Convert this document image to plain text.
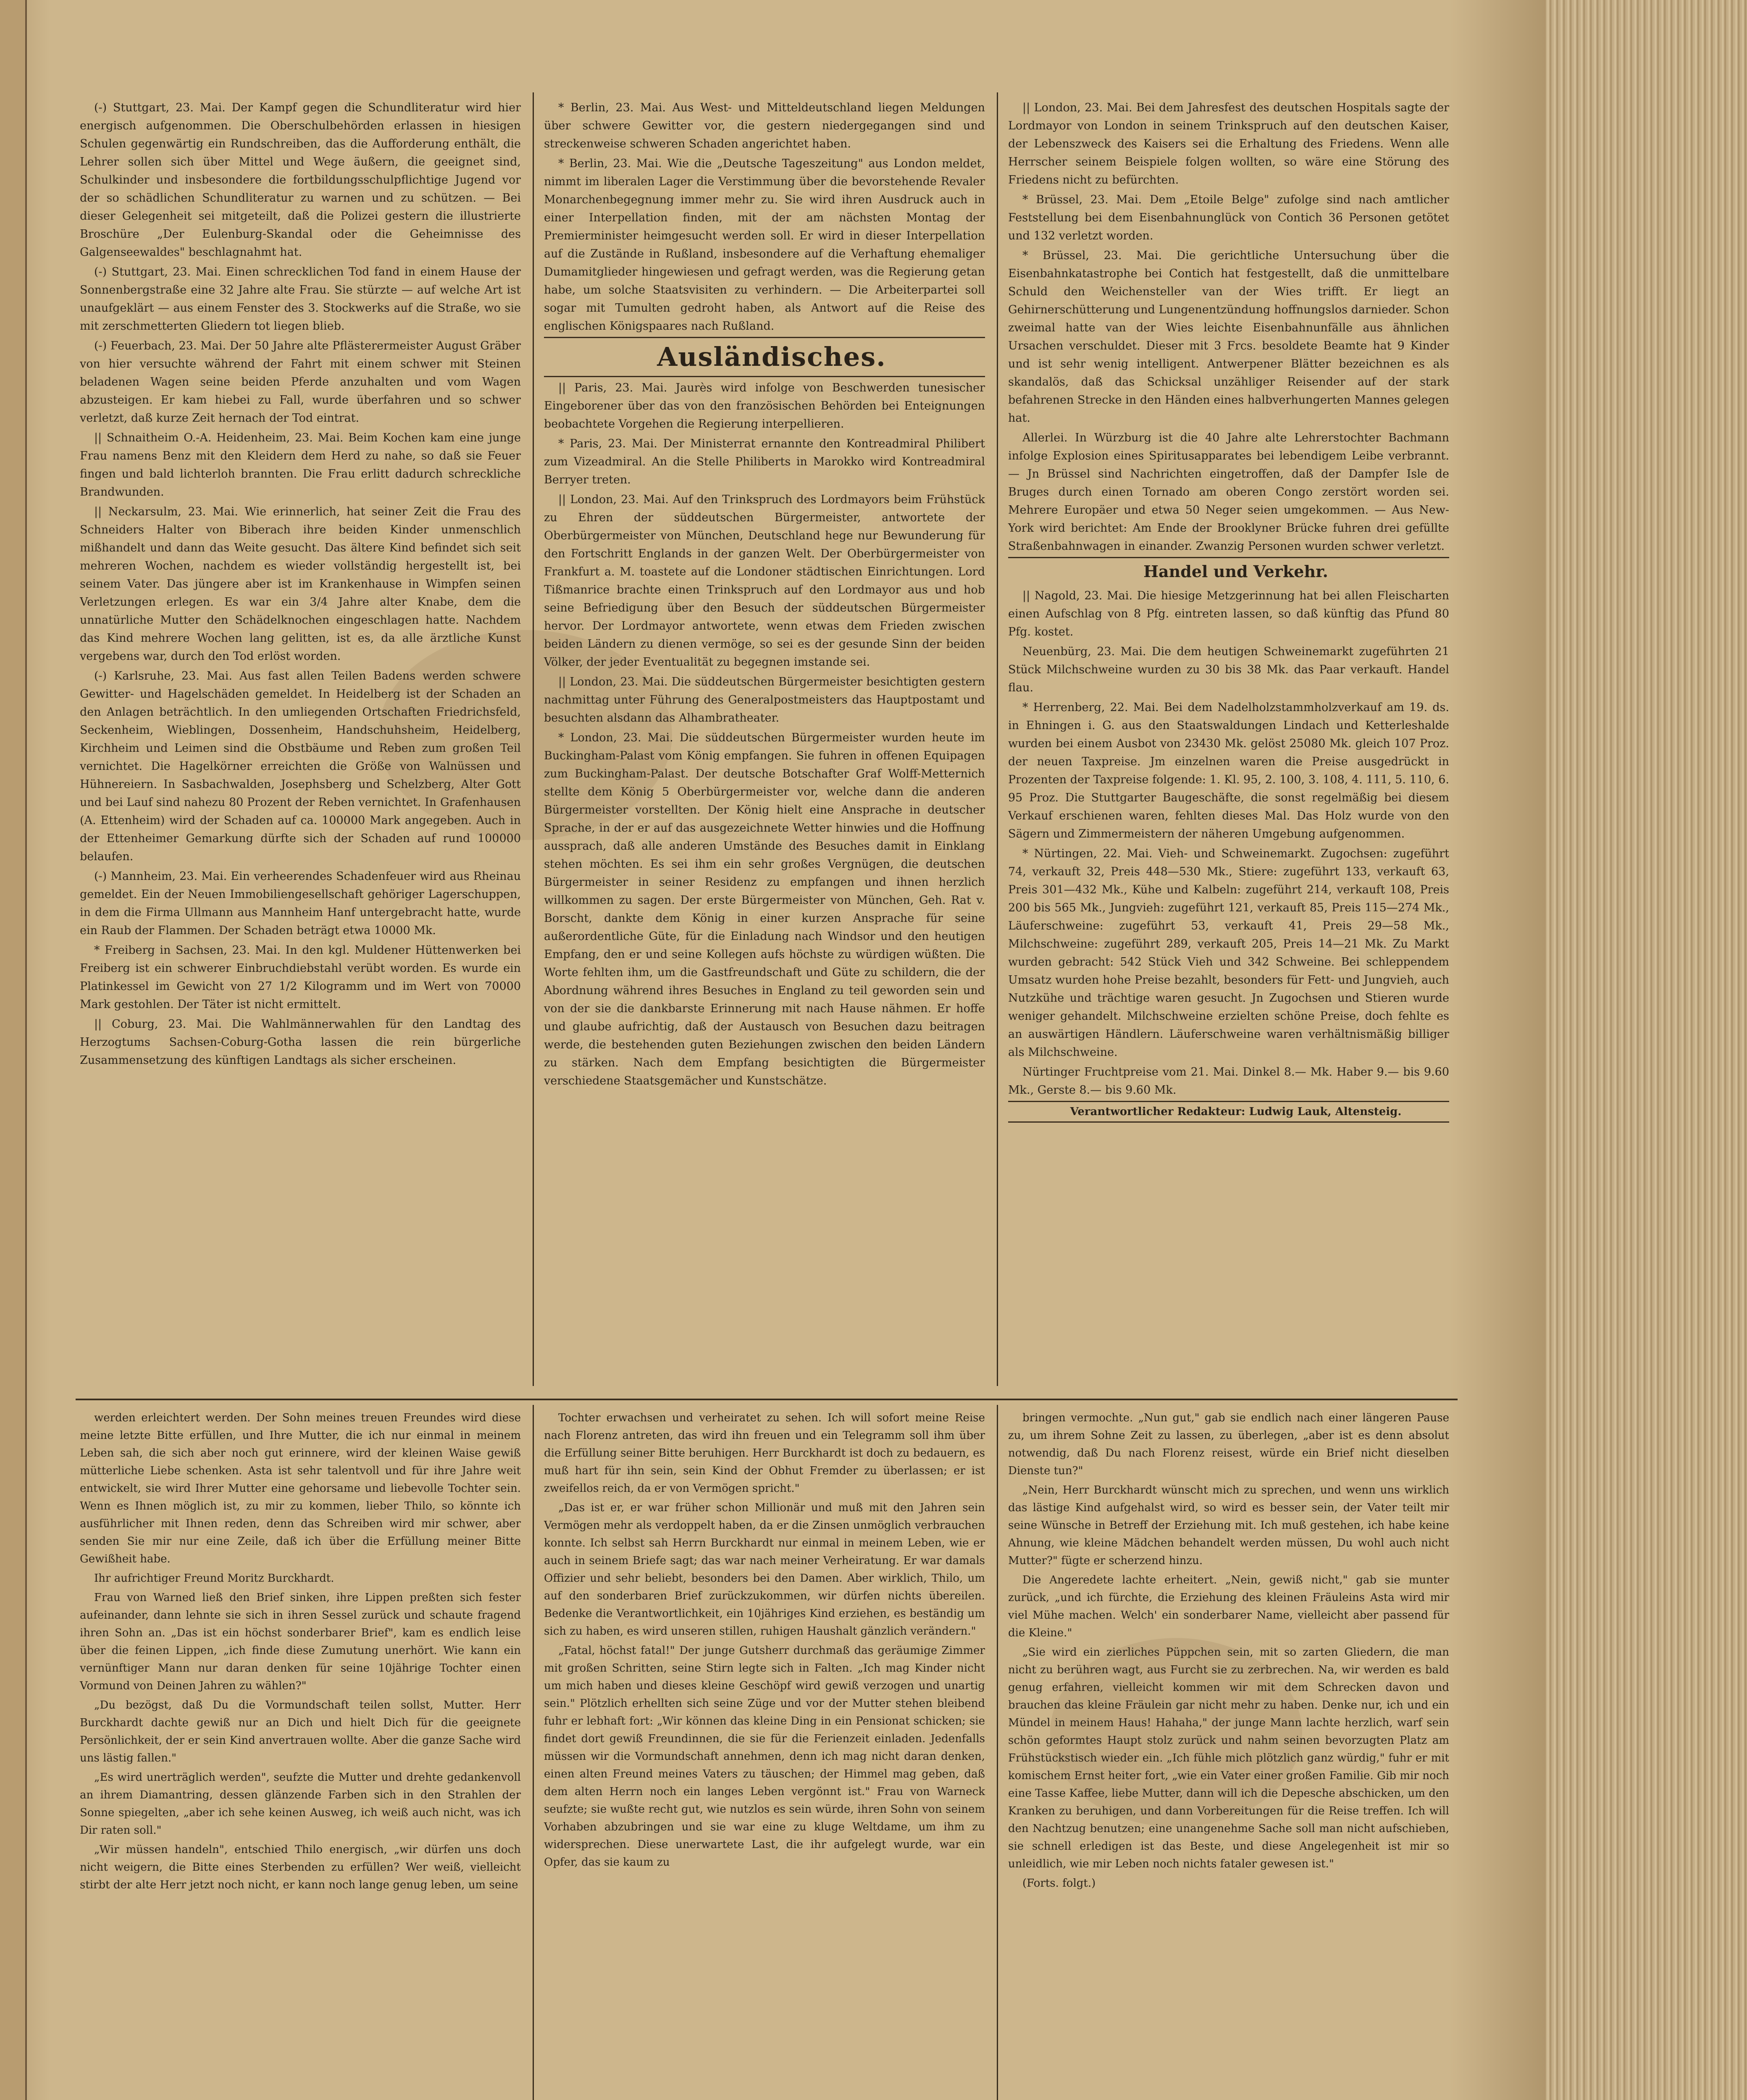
(-) Stuttgart, 23. Mai. Der Kampf gegen die Schundliteratur wird hier energisch aufgenommen. Die Oberschulbehörden erlassen in hiesigen Schulen gegenwärtig ein Rundschreiben, das die Aufforderung enthält, die Lehrer sollen sich über Mittel und Wege äußern, die geeignet sind, Schulkinder und insbesondere die fortbildungsschulpflichtige Jugend vor der so schädlichen Schundliteratur zu warnen und zu schützen. — Bei dieser Gelegenheit sei mitgeteilt, daß die Polizei gestern die illustrierte Broschüre „Der Eulenburg-Skandal oder die Geheimnisse des Galgenseewaldes" beschlagnahmt hat.

(-) Stuttgart, 23. Mai. Einen schrecklichen Tod fand in einem Hause der Sonnenbergstraße eine 32 Jahre alte Frau. Sie stürzte — auf welche Art ist unaufgeklärt — aus einem Fenster des 3. Stockwerks auf die Straße, wo sie mit zerschmetterten Gliedern tot liegen blieb.

(-) Feuerbach, 23. Mai. Der 50 Jahre alte Pflästerermeister August Gräber von hier versuchte während der Fahrt mit einem schwer mit Steinen beladenen Wagen seine beiden Pferde anzuhalten und vom Wagen abzusteigen. Er kam hiebei zu Fall, wurde überfahren und so schwer verletzt, daß kurze Zeit hernach der Tod eintrat.

|| Schnaitheim O.-A. Heidenheim, 23. Mai. Beim Kochen kam eine junge Frau namens Benz mit den Kleidern dem Herd zu nahe, so daß sie Feuer fingen und bald lichterloh brannten. Die Frau erlitt dadurch schreckliche Brandwunden.

|| Neckarsulm, 23. Mai. Wie erinnerlich, hat seiner Zeit die Frau des Schneiders Halter von Biberach ihre beiden Kinder unmenschlich mißhandelt und dann das Weite gesucht. Das ältere Kind befindet sich seit mehreren Wochen, nachdem es wieder vollständig hergestellt ist, bei seinem Vater. Das jüngere aber ist im Krankenhause in Wimpfen seinen Verletzungen erlegen. Es war ein 3/4 Jahre alter Knabe, dem die unnatürliche Mutter den Schädelknochen eingeschlagen hatte. Nachdem das Kind mehrere Wochen lang gelitten, ist es, da alle ärztliche Kunst vergebens war, durch den Tod erlöst worden.

(-) Karlsruhe, 23. Mai. Aus fast allen Teilen Badens werden schwere Gewitter- und Hagelschäden gemeldet. In Heidelberg ist der Schaden an den Anlagen beträchtlich. In den umliegenden Ortschaften Friedrichsfeld, Seckenheim, Wieblingen, Dossenheim, Handschuhsheim, Heidelberg, Kirchheim und Leimen sind die Obstbäume und Reben zum großen Teil vernichtet. Die Hagelkörner erreichten die Größe von Walnüssen und Hühnereiern. In Sasbachwalden, Josephsberg und Schelzberg, Alter Gott und bei Lauf sind nahezu 80 Prozent der Reben vernichtet. In Grafenhausen (A. Ettenheim) wird der Schaden auf ca. 100000 Mark angegeben. Auch in der Ettenheimer Gemarkung dürfte sich der Schaden auf rund 100000 belaufen.

(-) Mannheim, 23. Mai. Ein verheerendes Schadenfeuer wird aus Rheinau gemeldet. Ein der Neuen Immobiliengesellschaft gehöriger Lagerschuppen, in dem die Firma Ullmann aus Mannheim Hanf untergebracht hatte, wurde ein Raub der Flammen. Der Schaden beträgt etwa 10000 Mk.

* Freiberg in Sachsen, 23. Mai. In den kgl. Muldener Hüttenwerken bei Freiberg ist ein schwerer Einbruchdiebstahl verübt worden. Es wurde ein Platinkessel im Gewicht von 27 1/2 Kilogramm und im Wert von 70000 Mark gestohlen. Der Täter ist nicht ermittelt.

|| Coburg, 23. Mai. Die Wahlmännerwahlen für den Landtag des Herzogtums Sachsen-Coburg-Gotha lassen die rein bürgerliche Zusammensetzung des künftigen Landtags als sicher erscheinen.

* Berlin, 23. Mai. Aus West- und Mitteldeutschland liegen Meldungen über schwere Gewitter vor, die gestern niedergegangen sind und streckenweise schweren Schaden angerichtet haben.

* Berlin, 23. Mai. Wie die „Deutsche Tageszeitung" aus London meldet, nimmt im liberalen Lager die Verstimmung über die bevorstehende Revaler Monarchenbegegnung immer mehr zu. Sie wird ihren Ausdruck auch in einer Interpellation finden, mit der am nächsten Montag der Premierminister heimgesucht werden soll. Er wird in dieser Interpellation auf die Zustände in Rußland, insbesondere auf die Verhaftung ehemaliger Dumamitglieder hingewiesen und gefragt werden, was die Regierung getan habe, um solche Staatsvisiten zu verhindern. — Die Arbeiterpartei soll sogar mit Tumulten gedroht haben, als Antwort auf die Reise des englischen Königspaares nach Rußland.

Ausländisches.

|| Paris, 23. Mai. Jaurès wird infolge von Beschwerden tunesischer Eingeborener über das von den französischen Behörden bei Enteignungen beobachtete Vorgehen die Regierung interpellieren.

* Paris, 23. Mai. Der Ministerrat ernannte den Kontreadmiral Philibert zum Vizeadmiral. An die Stelle Philiberts in Marokko wird Kontreadmiral Berryer treten.

|| London, 23. Mai. Auf den Trinkspruch des Lordmayors beim Frühstück zu Ehren der süddeutschen Bürgermeister, antwortete der Oberbürgermeister von München, Deutschland hege nur Bewunderung für den Fortschritt Englands in der ganzen Welt. Der Oberbürgermeister von Frankfurt a. M. toastete auf die Londoner städtischen Einrichtungen. Lord Tißmanrice brachte einen Trinkspruch auf den Lordmayor aus und hob seine Befriedigung über den Besuch der süddeutschen Bürgermeister hervor. Der Lordmayor antwortete, wenn etwas dem Frieden zwischen beiden Ländern zu dienen vermöge, so sei es der gesunde Sinn der beiden Völker, der jeder Eventualität zu begegnen imstande sei.

|| London, 23. Mai. Die süddeutschen Bürgermeister besichtigten gestern nachmittag unter Führung des Generalpostmeisters das Hauptpostamt und besuchten alsdann das Alhambratheater.

* London, 23. Mai. Die süddeutschen Bürgermeister wurden heute im Buckingham-Palast vom König empfangen. Sie fuhren in offenen Equipagen zum Buckingham-Palast. Der deutsche Botschafter Graf Wolff-Metternich stellte dem König 5 Oberbürgermeister vor, welche dann die anderen Bürgermeister vorstellten. Der König hielt eine Ansprache in deutscher Sprache, in der er auf das ausgezeichnete Wetter hinwies und die Hoffnung aussprach, daß alle anderen Umstände des Besuches damit in Einklang stehen möchten. Es sei ihm ein sehr großes Vergnügen, die deutschen Bürgermeister in seiner Residenz zu empfangen und ihnen herzlich willkommen zu sagen. Der erste Bürgermeister von München, Geh. Rat v. Borscht, dankte dem König in einer kurzen Ansprache für seine außerordentliche Güte, für die Einladung nach Windsor und den heutigen Empfang, den er und seine Kollegen aufs höchste zu würdigen wüßten. Die Worte fehlten ihm, um die Gastfreundschaft und Güte zu schildern, die der Abordnung während ihres Besuches in England zu teil geworden sein und von der sie die dankbarste Erinnerung mit nach Hause nähmen. Er hoffe und glaube aufrichtig, daß der Austausch von Besuchen dazu beitragen werde, die bestehenden guten Beziehungen zwischen den beiden Ländern zu stärken. Nach dem Empfang besichtigten die Bürgermeister verschiedene Staatsgemächer und Kunstschätze.

|| London, 23. Mai. Bei dem Jahresfest des deutschen Hospitals sagte der Lordmayor von London in seinem Trinkspruch auf den deutschen Kaiser, der Lebenszweck des Kaisers sei die Erhaltung des Friedens. Wenn alle Herrscher seinem Beispiele folgen wollten, so wäre eine Störung des Friedens nicht zu befürchten.

* Brüssel, 23. Mai. Dem „Etoile Belge" zufolge sind nach amtlicher Feststellung bei dem Eisenbahnunglück von Contich 36 Personen getötet und 132 verletzt worden.

* Brüssel, 23. Mai. Die gerichtliche Untersuchung über die Eisenbahnkatastrophe bei Contich hat festgestellt, daß die unmittelbare Schuld den Weichensteller van der Wies trifft. Er liegt an Gehirnerschütterung und Lungenentzündung hoffnungslos darnieder. Schon zweimal hatte van der Wies leichte Eisenbahnunfälle aus ähnlichen Ursachen verschuldet. Dieser mit 3 Frcs. besoldete Beamte hat 9 Kinder und ist sehr wenig intelligent. Antwerpener Blätter bezeichnen es als skandalös, daß das Schicksal unzähliger Reisender auf der stark befahrenen Strecke in den Händen eines halbverhungerten Mannes gelegen hat.

Allerlei. In Würzburg ist die 40 Jahre alte Lehrerstochter Bachmann infolge Explosion eines Spiritusapparates bei lebendigem Leibe verbrannt. — Jn Brüssel sind Nachrichten eingetroffen, daß der Dampfer Isle de Bruges durch einen Tornado am oberen Congo zerstört worden sei. Mehrere Europäer und etwa 50 Neger seien umgekommen. — Aus New-York wird berichtet: Am Ende der Brooklyner Brücke fuhren drei gefüllte Straßenbahnwagen in einander. Zwanzig Personen wurden schwer verletzt.

Handel und Verkehr.

|| Nagold, 23. Mai. Die hiesige Metzgerinnung hat bei allen Fleischarten einen Aufschlag von 8 Pfg. eintreten lassen, so daß künftig das Pfund 80 Pfg. kostet.

Neuenbürg, 23. Mai. Die dem heutigen Schweinemarkt zugeführten 21 Stück Milchschweine wurden zu 30 bis 38 Mk. das Paar verkauft. Handel flau.

* Herrenberg, 22. Mai. Bei dem Nadelholzstammholzverkauf am 19. ds. in Ehningen i. G. aus den Staatswaldungen Lindach und Ketterleshalde wurden bei einem Ausbot von 23430 Mk. gelöst 25080 Mk. gleich 107 Proz. der neuen Taxpreise. Jm einzelnen waren die Preise ausgedrückt in Prozenten der Taxpreise folgende: 1. Kl. 95, 2. 100, 3. 108, 4. 111, 5. 110, 6. 95 Proz. Die Stuttgarter Baugeschäfte, die sonst regelmäßig bei diesem Verkauf erschienen waren, fehlten dieses Mal. Das Holz wurde von den Sägern und Zimmermeistern der näheren Umgebung aufgenommen.

* Nürtingen, 22. Mai. Vieh- und Schweinemarkt. Zugochsen: zugeführt 74, verkauft 32, Preis 448—530 Mk., Stiere: zugeführt 133, verkauft 63, Preis 301—432 Mk., Kühe und Kalbeln: zugeführt 214, verkauft 108, Preis 200 bis 565 Mk., Jungvieh: zugeführt 121, verkauft 85, Preis 115—274 Mk., Läuferschweine: zugeführt 53, verkauft 41, Preis 29—58 Mk., Milchschweine: zugeführt 289, verkauft 205, Preis 14—21 Mk. Zu Markt wurden gebracht: 542 Stück Vieh und 342 Schweine. Bei schleppendem Umsatz wurden hohe Preise bezahlt, besonders für Fett- und Jungvieh, auch Nutzkühe und trächtige waren gesucht. Jn Zugochsen und Stieren wurde weniger gehandelt. Milchschweine erzielten schöne Preise, doch fehlte es an auswärtigen Händlern. Läuferschweine waren verhältnismäßig billiger als Milchschweine.

Nürtinger Fruchtpreise vom 21. Mai. Dinkel 8.— Mk. Haber 9.— bis 9.60 Mk., Gerste 8.— bis 9.60 Mk.

Verantwortlicher Redakteur: Ludwig Lauk, Altensteig.

werden erleichtert werden. Der Sohn meines treuen Freundes wird diese meine letzte Bitte erfüllen, und Ihre Mutter, die ich nur einmal in meinem Leben sah, die sich aber noch gut erinnere, wird der kleinen Waise gewiß mütterliche Liebe schenken. Asta ist sehr talentvoll und für ihre Jahre weit entwickelt, sie wird Ihrer Mutter eine gehorsame und liebevolle Tochter sein. Wenn es Ihnen möglich ist, zu mir zu kommen, lieber Thilo, so könnte ich ausführlicher mit Ihnen reden, denn das Schreiben wird mir schwer, aber senden Sie mir nur eine Zeile, daß ich über die Erfüllung meiner Bitte Gewißheit habe.

Ihr aufrichtiger Freund Moritz Burckhardt.

Frau von Warned ließ den Brief sinken, ihre Lippen preßten sich fester aufeinander, dann lehnte sie sich in ihren Sessel zurück und schaute fragend ihren Sohn an. „Das ist ein höchst sonderbarer Brief", kam es endlich leise über die feinen Lippen, „ich finde diese Zumutung unerhört. Wie kann ein vernünftiger Mann nur daran denken für seine 10jährige Tochter einen Vormund von Deinen Jahren zu wählen?"

„Du bezögst, daß Du die Vormundschaft teilen sollst, Mutter. Herr Burckhardt dachte gewiß nur an Dich und hielt Dich für die geeignete Persönlichkeit, der er sein Kind anvertrauen wollte. Aber die ganze Sache wird uns lästig fallen."

„Es wird unerträglich werden", seufzte die Mutter und drehte gedankenvoll an ihrem Diamantring, dessen glänzende Farben sich in den Strahlen der Sonne spiegelten, „aber ich sehe keinen Ausweg, ich weiß auch nicht, was ich Dir raten soll."

„Wir müssen handeln", entschied Thilo energisch, „wir dürfen uns doch nicht weigern, die Bitte eines Sterbenden zu erfüllen? Wer weiß, vielleicht stirbt der alte Herr jetzt noch nicht, er kann noch lange genug leben, um seine

Tochter erwachsen und verheiratet zu sehen. Ich will sofort meine Reise nach Florenz antreten, das wird ihn freuen und ein Telegramm soll ihm über die Erfüllung seiner Bitte beruhigen. Herr Burckhardt ist doch zu bedauern, es muß hart für ihn sein, sein Kind der Obhut Fremder zu überlassen; er ist zweifellos reich, da er von Vermögen spricht."

„Das ist er, er war früher schon Millionär und muß mit den Jahren sein Vermögen mehr als verdoppelt haben, da er die Zinsen unmöglich verbrauchen konnte. Ich selbst sah Herrn Burckhardt nur einmal in meinem Leben, wie er auch in seinem Briefe sagt; das war nach meiner Verheiratung. Er war damals Offizier und sehr beliebt, besonders bei den Damen. Aber wirklich, Thilo, um auf den sonderbaren Brief zurückzukommen, wir dürfen nichts übereilen. Bedenke die Verantwortlichkeit, ein 10jähriges Kind erziehen, es beständig um sich zu haben, es wird unseren stillen, ruhigen Haushalt gänzlich verändern."

„Fatal, höchst fatal!" Der junge Gutsherr durchmaß das geräumige Zimmer mit großen Schritten, seine Stirn legte sich in Falten. „Ich mag Kinder nicht um mich haben und dieses kleine Geschöpf wird gewiß verzogen und unartig sein." Plötzlich erhellten sich seine Züge und vor der Mutter stehen bleibend fuhr er lebhaft fort: „Wir können das kleine Ding in ein Pensionat schicken; sie findet dort gewiß Freundinnen, die sie für die Ferienzeit einladen. Jedenfalls müssen wir die Vormundschaft annehmen, denn ich mag nicht daran denken, einen alten Freund meines Vaters zu täuschen; der Himmel mag geben, daß dem alten Herrn noch ein langes Leben vergönnt ist." Frau von Warneck seufzte; sie wußte recht gut, wie nutzlos es sein würde, ihren Sohn von seinem Vorhaben abzubringen und sie war eine zu kluge Weltdame, um ihm zu widersprechen. Diese unerwartete Last, die ihr aufgelegt wurde, war ein Opfer, das sie kaum zu

bringen vermochte. „Nun gut," gab sie endlich nach einer längeren Pause zu, um ihrem Sohne Zeit zu lassen, zu überlegen, „aber ist es denn absolut notwendig, daß Du nach Florenz reisest, würde ein Brief nicht dieselben Dienste tun?"

„Nein, Herr Burckhardt wünscht mich zu sprechen, und wenn uns wirklich das lästige Kind aufgehalst wird, so wird es besser sein, der Vater teilt mir seine Wünsche in Betreff der Erziehung mit. Ich muß gestehen, ich habe keine Ahnung, wie kleine Mädchen behandelt werden müssen, Du wohl auch nicht Mutter?" fügte er scherzend hinzu.

Die Angeredete lachte erheitert. „Nein, gewiß nicht," gab sie munter zurück, „und ich fürchte, die Erziehung des kleinen Fräuleins Asta wird mir viel Mühe machen. Welch' ein sonderbarer Name, vielleicht aber passend für die Kleine."

„Sie wird ein zierliches Püppchen sein, mit so zarten Gliedern, die man nicht zu berühren wagt, aus Furcht sie zu zerbrechen. Na, wir werden es bald genug erfahren, vielleicht kommen wir mit dem Schrecken davon und brauchen das kleine Fräulein gar nicht mehr zu haben. Denke nur, ich und ein Mündel in meinem Haus! Hahaha," der junge Mann lachte herzlich, warf sein schön geformtes Haupt stolz zurück und nahm seinen bevorzugten Platz am Frühstückstisch wieder ein. „Ich fühle mich plötzlich ganz würdig," fuhr er mit komischem Ernst heiter fort, „wie ein Vater einer großen Familie. Gib mir noch eine Tasse Kaffee, liebe Mutter, dann will ich die Depesche abschicken, um den Kranken zu beruhigen, und dann Vorbereitungen für die Reise treffen. Ich will den Nachtzug benutzen; eine unangenehme Sache soll man nicht aufschieben, sie schnell erledigen ist das Beste, und diese Angelegenheit ist mir so unleidlich, wie mir Leben noch nichts fataler gewesen ist."

(Forts. folgt.)
